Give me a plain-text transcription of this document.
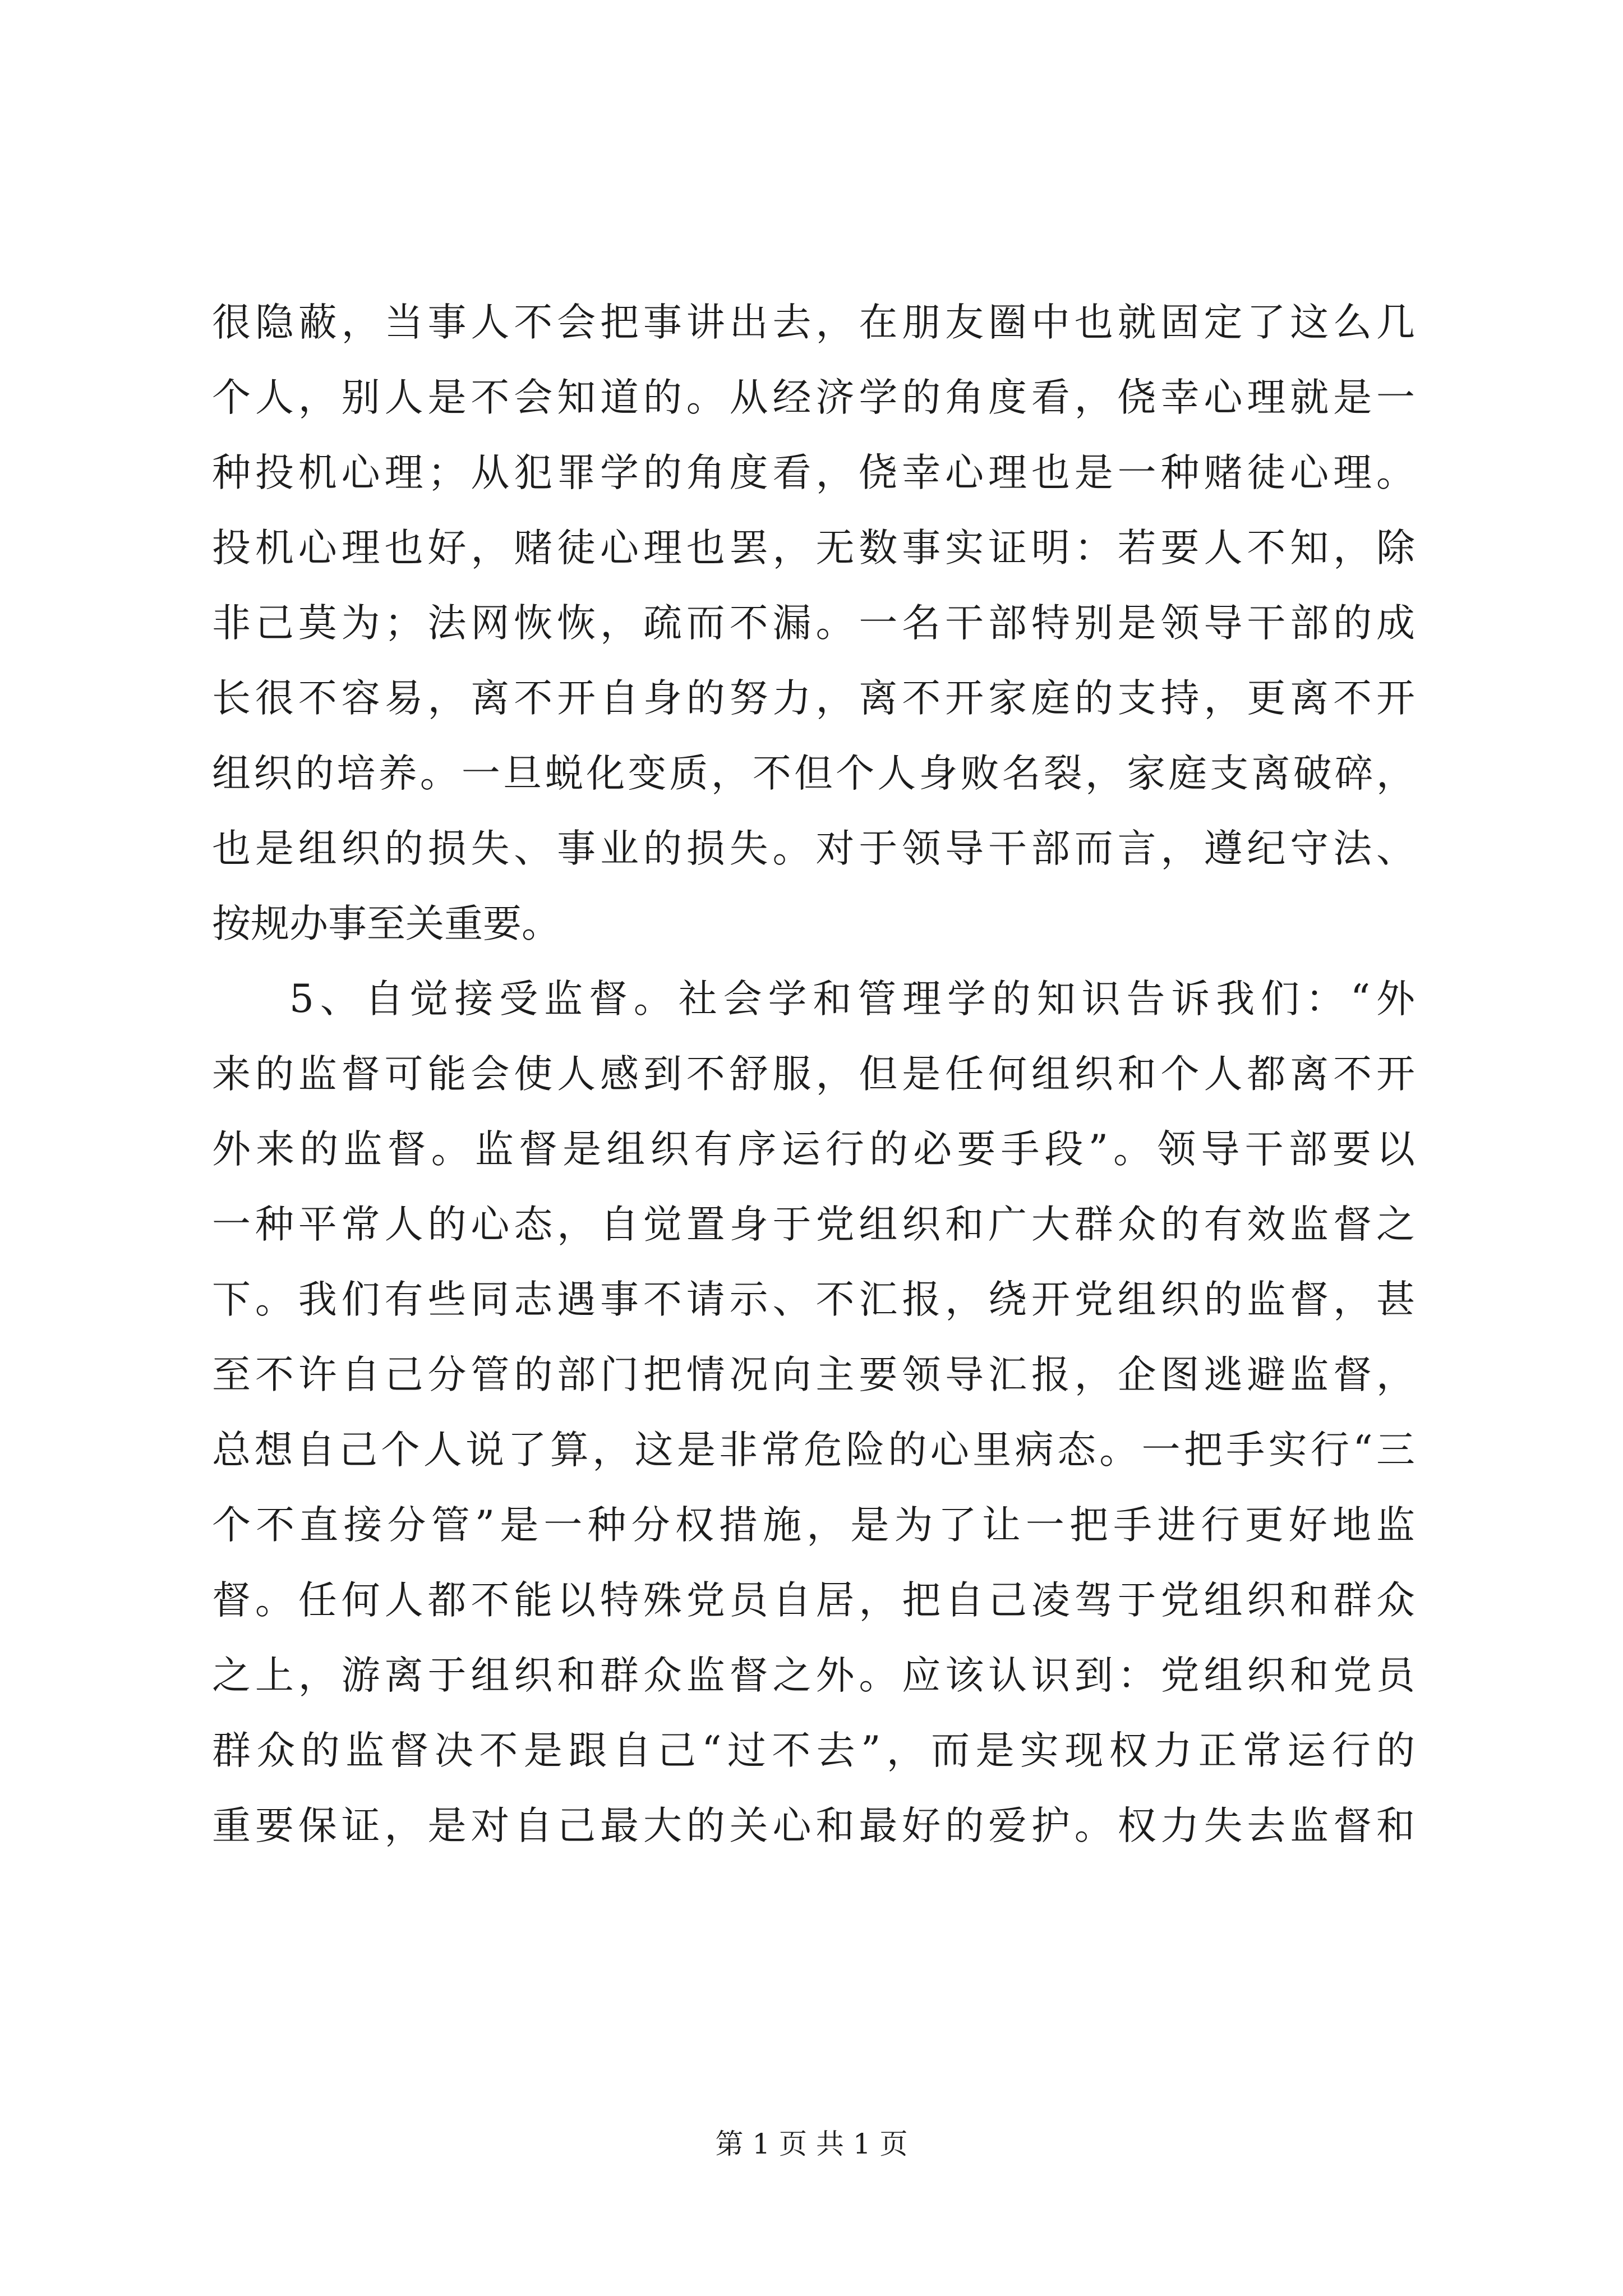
很隐蔽，当事人不会把事讲出去，在朋友圈中也就固定了这么几
个人，别人是不会知道的。从经济学的角度看，侥幸心理就是一
种投机心理；从犯罪学的角度看，侥幸心理也是一种赌徒心理。
投机心理也好，赌徒心理也罢，无数事实证明：若要人不知，除
非己莫为；法网恢恢，疏而不漏。一名干部特别是领导干部的成
长很不容易，离不开自身的努力，离不开家庭的支持，更离不开
组织的培养。一旦蜕化变质，不但个人身败名裂，家庭支离破碎，
也是组织的损失、事业的损失。对于领导干部而言，遵纪守法、
按规办事至关重要。
5、自觉接受监督。社会学和管理学的知识告诉我们：“外
来的监督可能会使人感到不舒服，但是任何组织和个人都离不开
外来的监督。监督是组织有序运行的必要手段”。领导干部要以
一种平常人的心态，自觉置身于党组织和广大群众的有效监督之
下。我们有些同志遇事不请示、不汇报，绕开党组织的监督，甚
至不许自己分管的部门把情况向主要领导汇报，企图逃避监督，
总想自己个人说了算，这是非常危险的心里病态。一把手实行“三
个不直接分管”是一种分权措施，是为了让一把手进行更好地监
督。任何人都不能以特殊党员自居，把自己凌驾于党组织和群众
之上，游离于组织和群众监督之外。应该认识到：党组织和党员
群众的监督决不是跟自己“过不去”，而是实现权力正常运行的
重要保证，是对自己最大的关心和最好的爱护。权力失去监督和
第 1 页 共 1 页
